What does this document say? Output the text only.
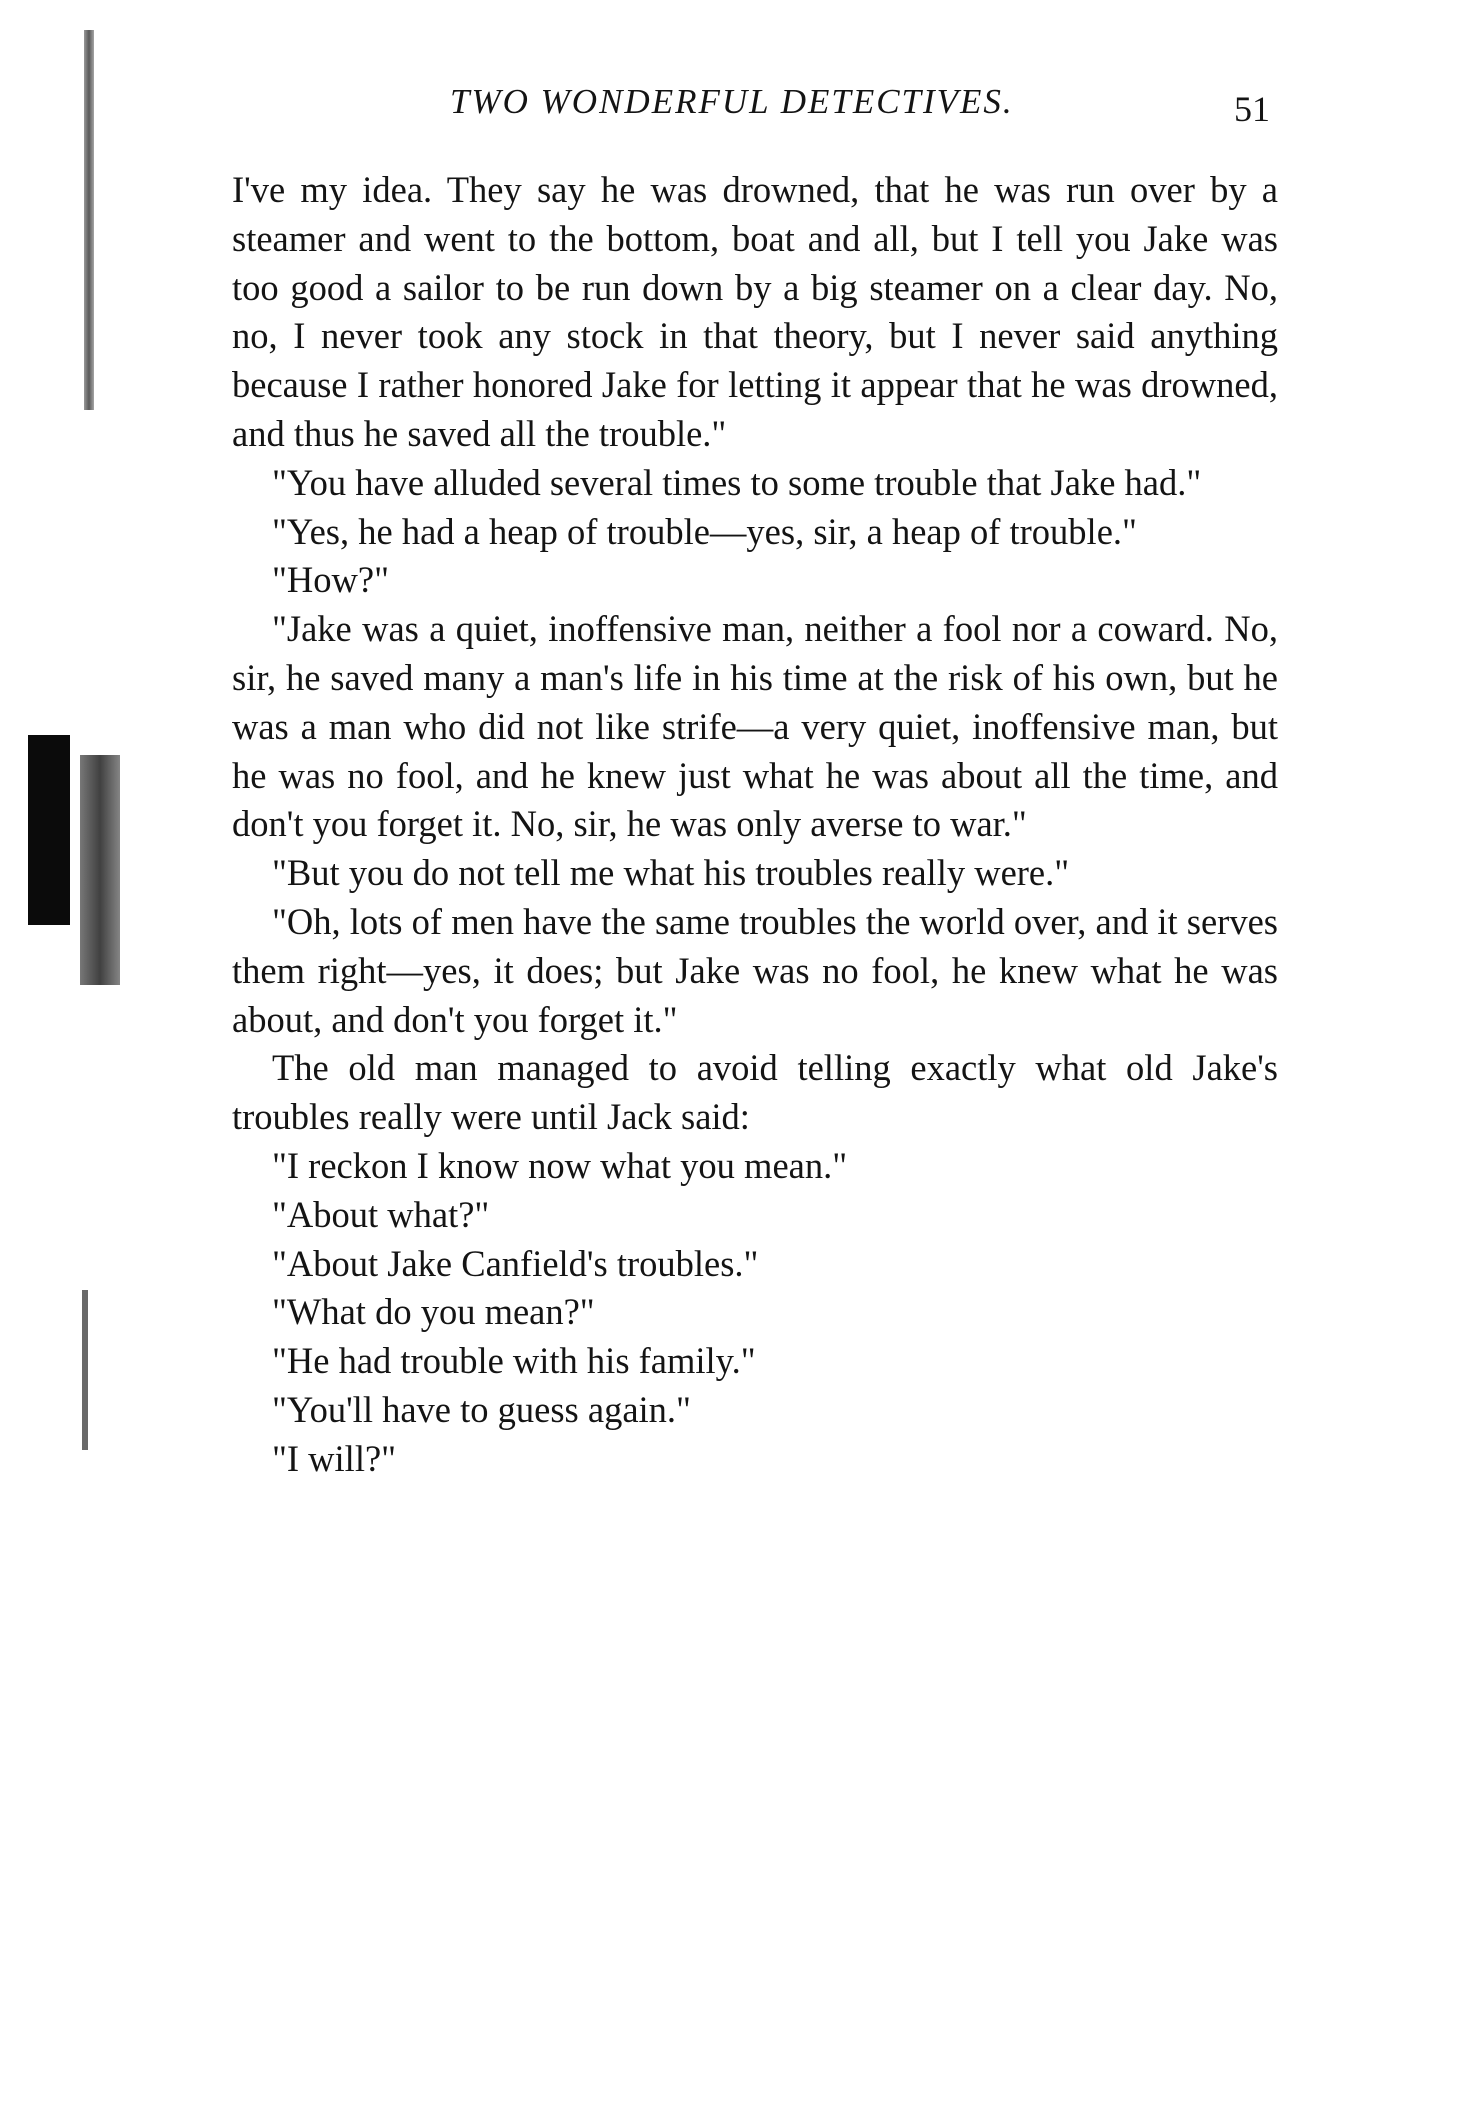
TWO WONDERFUL DETECTIVES.	51

I've my idea. They say he was drowned, that he was run over by a steamer and went to the bottom, boat and all, but I tell you Jake was too good a sailor to be run down by a big steamer on a clear day. No, no, I never took any stock in that theory, but I never said anything because I rather honored Jake for letting it appear that he was drowned, and thus he saved all the trouble."

"You have alluded several times to some trouble that Jake had."

"Yes, he had a heap of trouble—yes, sir, a heap of trouble."

"How?"

"Jake was a quiet, inoffensive man, neither a fool nor a coward. No, sir, he saved many a man's life in his time at the risk of his own, but he was a man who did not like strife—a very quiet, inoffensive man, but he was no fool, and he knew just what he was about all the time, and don't you forget it. No, sir, he was only averse to war."

"But you do not tell me what his troubles really were."

"Oh, lots of men have the same troubles the world over, and it serves them right—yes, it does; but Jake was no fool, he knew what he was about, and don't you forget it."

The old man managed to avoid telling exactly what old Jake's troubles really were until Jack said:

"I reckon I know now what you mean."

"About what?"

"About Jake Canfield's troubles."

"What do you mean?"

"He had trouble with his family."

"You'll have to guess again."

"I will?"
